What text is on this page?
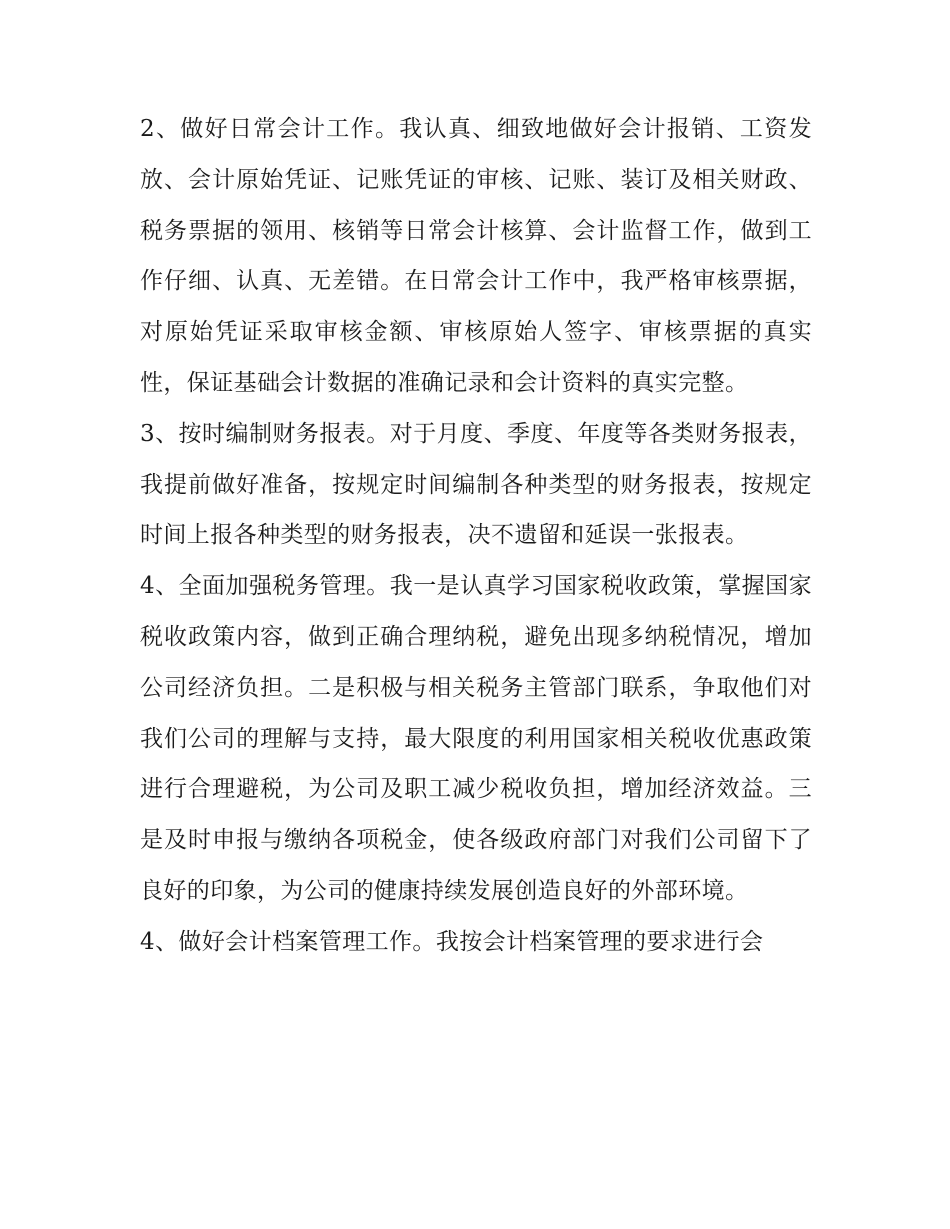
2、做好日常会计工作。我认真、细致地做好会计报销、工资发放、会计原始凭证、记账凭证的审核、记账、装订及相关财政、税务票据的领用、核销等日常会计核算、会计监督工作，做到工作仔细、认真、无差错。在日常会计工作中，我严格审核票据，对原始凭证采取审核金额、审核原始人签字、审核票据的真实性，保证基础会计数据的准确记录和会计资料的真实完整。

3、按时编制财务报表。对于月度、季度、年度等各类财务报表，我提前做好准备，按规定时间编制各种类型的财务报表，按规定时间上报各种类型的财务报表，决不遗留和延误一张报表。

4、全面加强税务管理。我一是认真学习国家税收政策，掌握国家税收政策内容，做到正确合理纳税，避免出现多纳税情况，增加公司经济负担。二是积极与相关税务主管部门联系，争取他们对我们公司的理解与支持，最大限度的利用国家相关税收优惠政策进行合理避税，为公司及职工减少税收负担，增加经济效益。三是及时申报与缴纳各项税金，使各级政府部门对我们公司留下了良好的印象，为公司的健康持续发展创造良好的外部环境。

4、做好会计档案管理工作。我按会计档案管理的要求进行会
